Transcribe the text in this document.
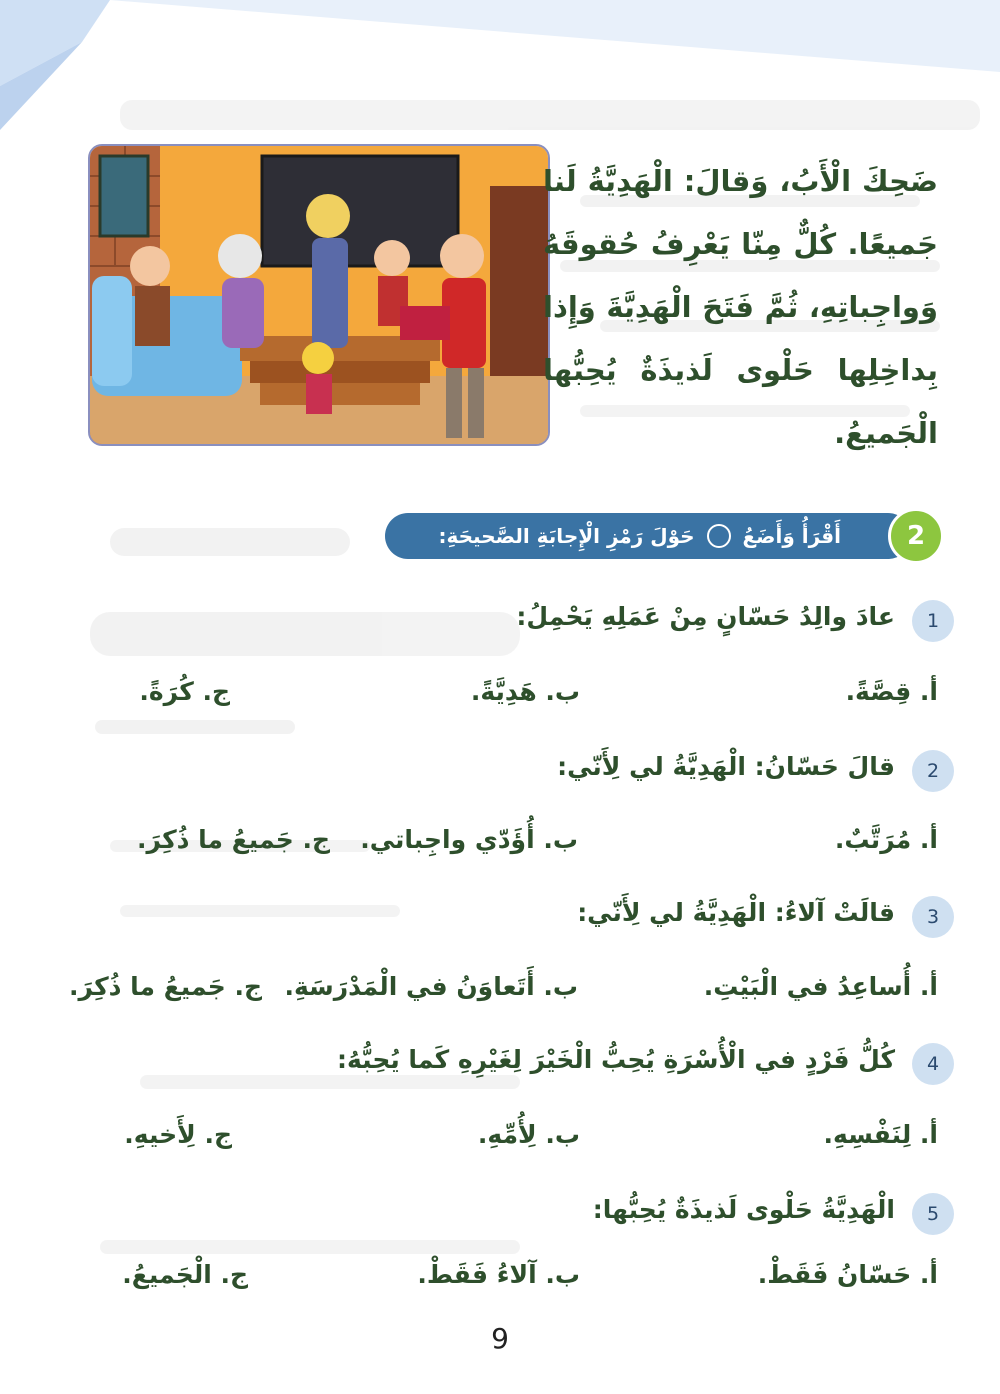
ضَحِكَ الْأَبُ، وَقالَ: الْهَدِيَّةُ لَنا جَميعًا. كُلٌّ مِنّا يَعْرِفُ حُقوقَهُ وَواجِباتِهِ، ثُمَّ فَتَحَ الْهَدِيَّةَ وَإِذا بِداخِلِها حَلْوى لَذيذَةٌ يُحِبُّها الْجَميعُ.
أَقْرَأُ وَأَضَعُ  حَوْلَ رَمْزِ الْإِجابَةِ الصَّحيحَةِ:	2
1
عادَ والِدُ حَسّانٍ مِنْ عَمَلِهِ يَحْمِلُ:
أ. قِصَّةً.
ب. هَدِيَّةً.
ج. كُرَةً.
2
قالَ حَسّانُ: الْهَدِيَّةُ لي لِأَنّي:
أ. مُرَتَّبٌ.
ب. أُؤَدّي واجِباتي.
ج. جَميعُ ما ذُكِرَ.
3
قالَتْ آلاءُ: الْهَدِيَّةُ لي لِأَنّي:
أ. أُساعِدُ في الْبَيْتِ.
ب. أَتَعاوَنُ في الْمَدْرَسَةِ.
ج. جَميعُ ما ذُكِرَ.
4
كُلُّ فَرْدٍ في الْأُسْرَةِ يُحِبُّ الْخَيْرَ لِغَيْرِهِ كَما يُحِبُّهُ:
أ. لِنَفْسِهِ.
ب. لِأُمِّهِ.
ج. لِأَخيهِ.
5
الْهَدِيَّةُ حَلْوى لَذيذَةٌ يُحِبُّها:
أ. حَسّانُ فَقَطْ.
ب. آلاءُ فَقَطْ.
ج. الْجَميعُ.
9
